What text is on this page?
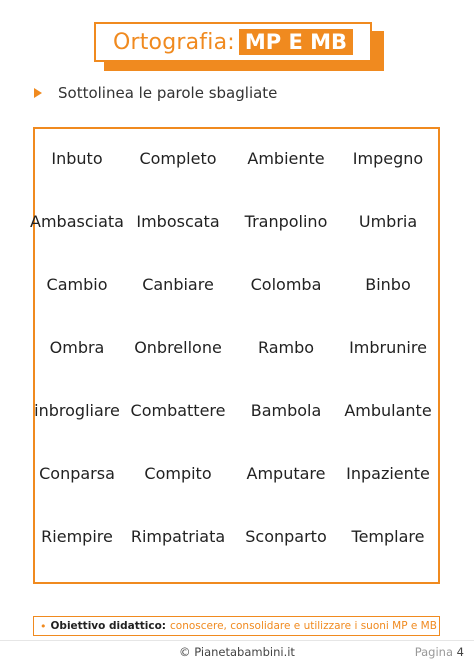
Ortografia: MP E MB
Sottolinea le parole sbagliate
Inbuto Completo Ambiente Impegno
Ambasciata Imboscata Tranpolino Umbria
Cambio Canbiare Colomba	Binbo
Ombra Onbrellone Rambo Imbrunire
inbrogliare Combattere Bambola Ambulante
Conparsa Compito Amputare Inpaziente
Riempire Rimpatriata Sconparto Templare
• Obiettivo didattico: conoscere, consolidare e utilizzare i suoni MP e MB
© Pianetabambini.it	Pagina 4
